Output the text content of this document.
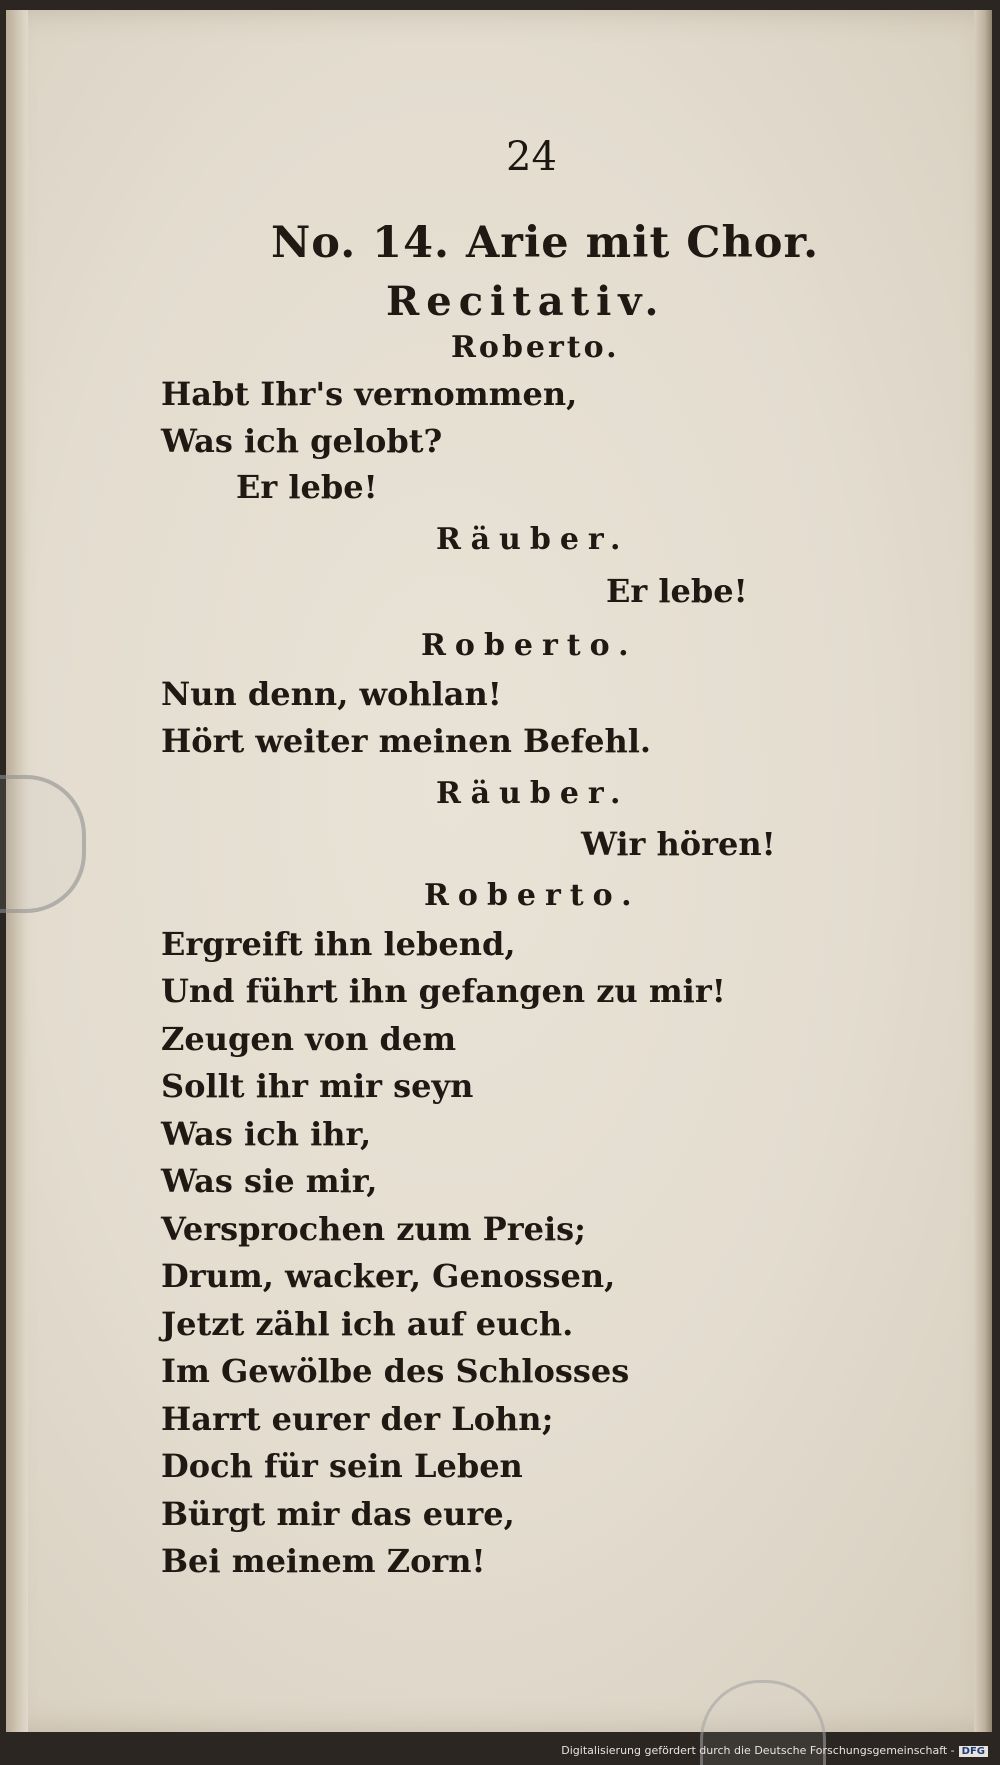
24
No. 14. Arie mit Chor.
Recitativ.
Roberto.
Habt Ihr's vernommen,
Was ich gelobt?
Er lebe!
Räuber.
Er lebe!
Roberto.
Nun denn, wohlan!
Hört weiter meinen Befehl.
Räuber.
Wir hören!
Roberto.
Ergreift ihn lebend,
Und führt ihn gefangen zu mir!
Zeugen von dem
Sollt ihr mir seyn
Was ich ihr,
Was sie mir,
Versprochen zum Preis;
Drum, wacker, Genossen,
Jetzt zähl ich auf euch.
Im Gewölbe des Schlosses
Harrt eurer der Lohn;
Doch für sein Leben
Bürgt mir das eure,
Bei meinem Zorn!
Digitalisierung gefördert durch die Deutsche Forschungsgemeinschaft - DFG
